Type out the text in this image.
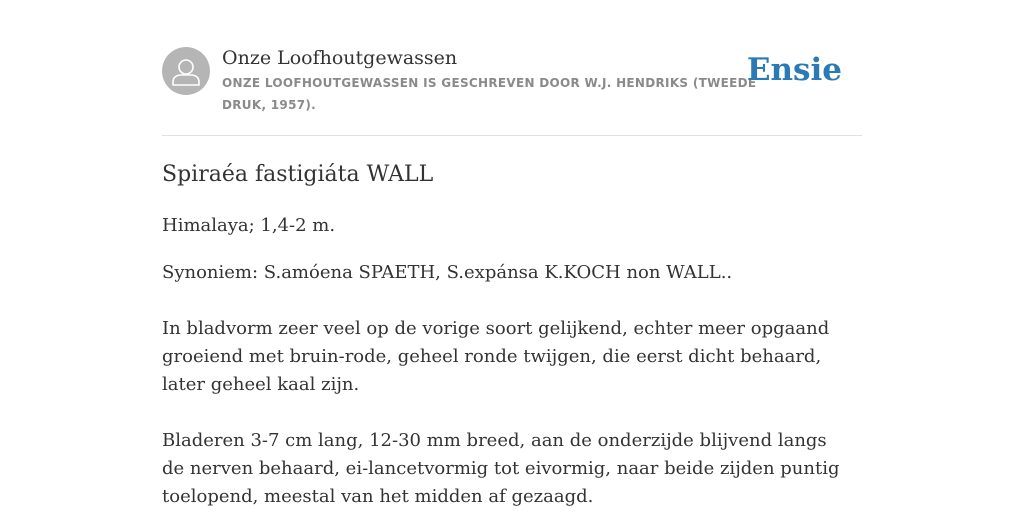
Onze Loofhoutgewassen
ONZE LOOFHOUTGEWASSEN IS GESCHREVEN DOOR W.J. HENDRIKS (TWEEDE DRUK, 1957).
Ensie
Spiraéa fastigiáta WALL

Himalaya; 1,4-2 m.

Synoniem: S.amóena SPAETH, S.expánsa K.KOCH non WALL..

In bladvorm zeer veel op de vorige soort gelijkend, echter meer opgaand groeiend met bruin-rode, geheel ronde twijgen, die eerst dicht behaard, later geheel kaal zijn.

Bladeren 3-7 cm lang, 12-30 mm breed, aan de onderzijde blijvend langs de nerven behaard, ei-lancetvormig tot eivormig, naar beide zijden puntig toelopend, meestal van het midden af gezaagd.
